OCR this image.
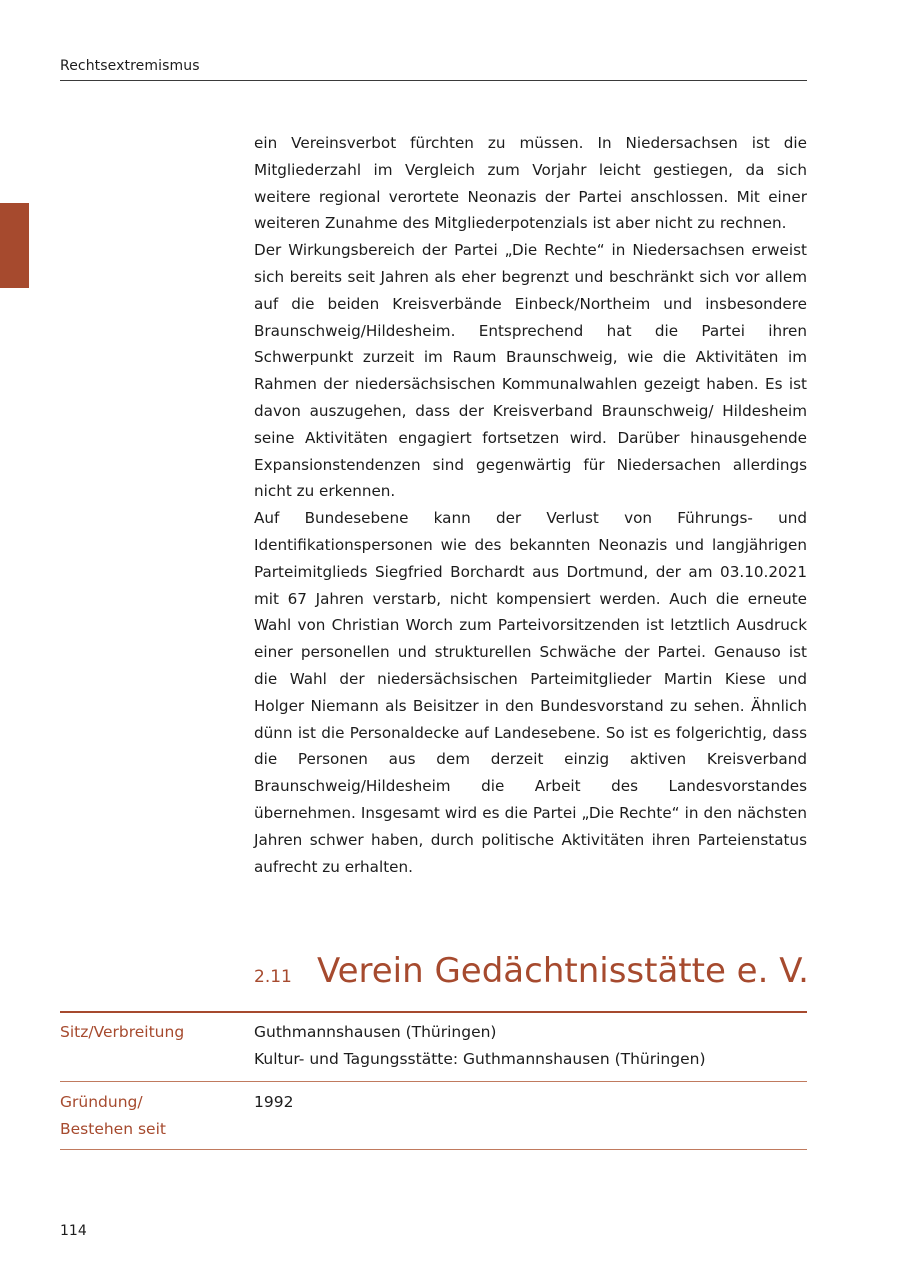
Rechtsextremismus

ein Vereinsverbot fürchten zu müssen. In Niedersachsen ist die Mitgliederzahl im Vergleich zum Vorjahr leicht gestiegen, da sich weitere regional verortete Neonazis der Partei anschlossen. Mit einer weiteren Zunahme des Mitgliederpotenzials ist aber nicht zu rechnen.

Der Wirkungsbereich der Partei „Die Rechte“ in Niedersachsen erweist sich bereits seit Jahren als eher begrenzt und beschränkt sich vor allem auf die beiden Kreisverbände Einbeck/Northeim und insbesondere Braunschweig/Hildesheim. Entsprechend hat die Partei ihren Schwerpunkt zurzeit im Raum Braunschweig, wie die Aktivitäten im Rahmen der niedersächsischen Kommunalwahlen gezeigt haben. Es ist davon auszugehen, dass der Kreisverband Braunschweig/ Hildesheim seine Aktivitäten engagiert fortsetzen wird. Darüber hinausgehende Expansionstendenzen sind gegenwärtig für Niedersachen allerdings nicht zu erkennen.

Auf Bundesebene kann der Verlust von Führungs- und Identifikationspersonen wie des bekannten Neonazis und langjährigen Parteimitglieds Siegfried Borchardt aus Dortmund, der am 03.10.2021 mit 67 Jahren verstarb, nicht kompensiert werden. Auch die erneute Wahl von Christian Worch zum Parteivorsitzenden ist letztlich Ausdruck einer personellen und strukturellen Schwäche der Partei. Genauso ist die Wahl der niedersächsischen Parteimitglieder Martin Kiese und Holger Niemann als Beisitzer in den Bundesvorstand zu sehen. Ähnlich dünn ist die Personaldecke auf Landesebene. So ist es folgerichtig, dass die Personen aus dem derzeit einzig aktiven Kreisverband Braunschweig/Hildesheim die Arbeit des Landesvorstandes übernehmen. Insgesamt wird es die Partei „Die Rechte“ in den nächsten Jahren schwer haben, durch politische Aktivitäten ihren Parteienstatus aufrecht zu erhalten.

2.11 Verein Gedächtnisstätte e. V.
Sitz/Verbreitung	Guthmannshausen (Thüringen)
Kultur- und Tagungsstätte: Guthmannshausen (Thüringen)
Gründung/
Bestehen seit
1992
114
